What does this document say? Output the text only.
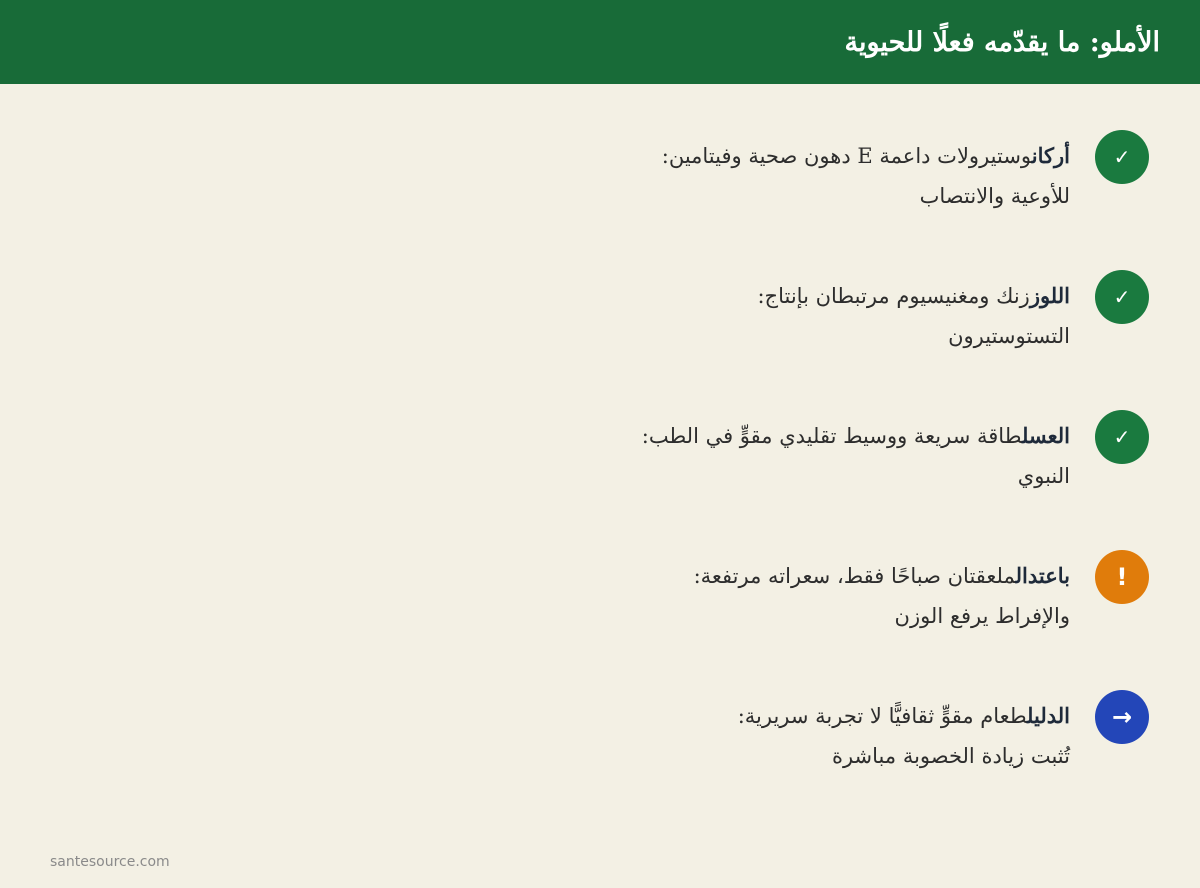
الأملو: ما يقدّمه فعلًا للحيوية
✓
أركانوستيرولات داعمة E دهون صحية وفيتامين:
للأوعية والانتصاب
✓
اللوززنك ومغنيسيوم مرتبطان بإنتاج:
التستوستيرون
✓
العسلطاقة سريعة ووسيط تقليدي مقوٍّ في الطب:
النبوي
!
باعتدالملعقتان صباحًا فقط، سعراته مرتفعة:
والإفراط يرفع الوزن
→
الدليلطعام مقوٍّ ثقافيًّا لا تجربة سريرية:
تُثبت زيادة الخصوبة مباشرة
santesource.com
